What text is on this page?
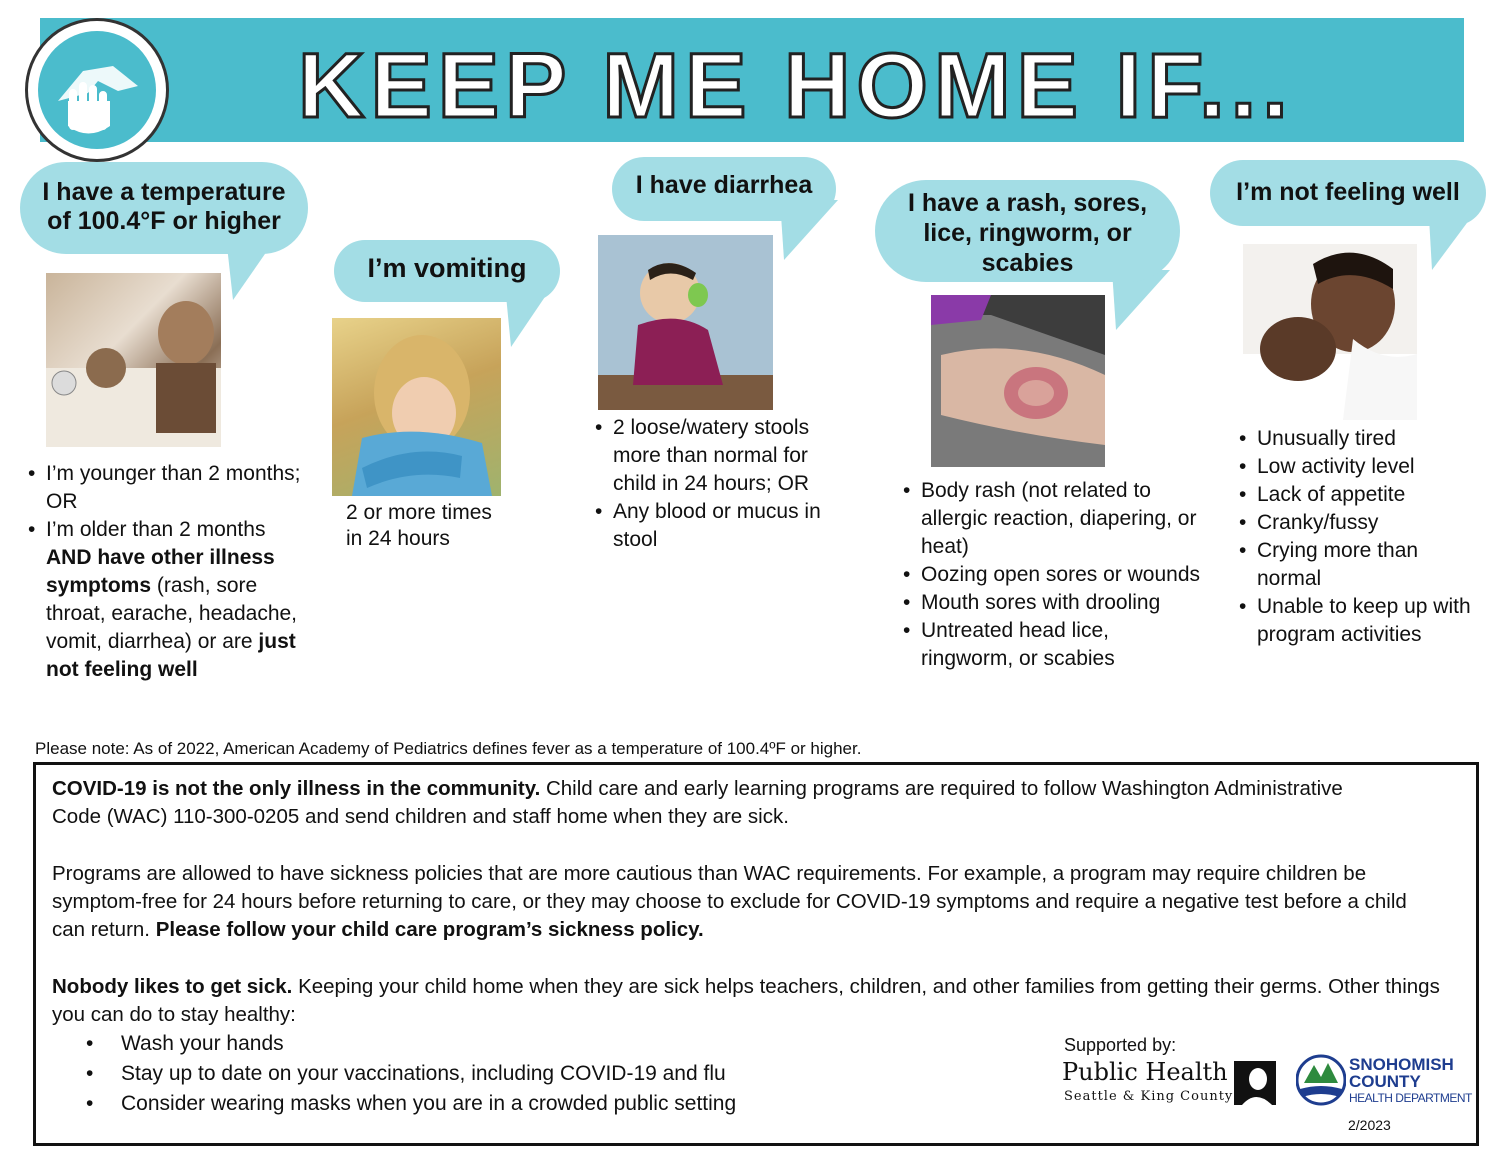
KEEP ME HOME IF...
I have a temperature
of 100.4°F or higher
• I’m younger than 2 months; OR
• I’m older than 2 months AND have other illness symptoms (rash, sore throat, earache, headache, vomit, diarrhea) or are just not feeling well
I’m vomiting
2 or more times
in 24 hours
I have diarrhea
• 2 loose/watery stools more than normal for child in 24 hours; OR
• Any blood or mucus in stool
I have a rash, sores,
lice, ringworm, or
scabies
• Body rash (not related to allergic reaction, diapering, or heat)
• Oozing open sores or wounds
• Mouth sores with drooling
• Untreated head lice, ringworm, or scabies
I’m not feeling well
• Unusually tired
• Low activity level
• Lack of appetite
• Cranky/fussy
• Crying more than normal
• Unable to keep up with program activities
Please note: As of 2022, American Academy of Pediatrics defines fever as a temperature of 100.4ºF or higher.
COVID-19 is not the only illness in the community. Child care and early learning programs are required to follow Washington Administrative Code (WAC) 110-300-0205 and send children and staff home when they are sick.
Programs are allowed to have sickness policies that are more cautious than WAC requirements. For example, a program may require children be symptom-free for 24 hours before returning to care, or they may choose to exclude for COVID-19 symptoms and require a negative test before a child can return. Please follow your child care program’s sickness policy.
Nobody likes to get sick. Keeping your child home when they are sick helps teachers, children, and other families from getting their germs. Other things you can do to stay healthy:
• Wash your hands
• Stay up to date on your vaccinations, including COVID-19 and flu
• Consider wearing masks when you are in a crowded public setting
Supported by:
Public Health
Seattle & King County
SNOHOMISH
COUNTY
HEALTH DEPARTMENT
2/2023
